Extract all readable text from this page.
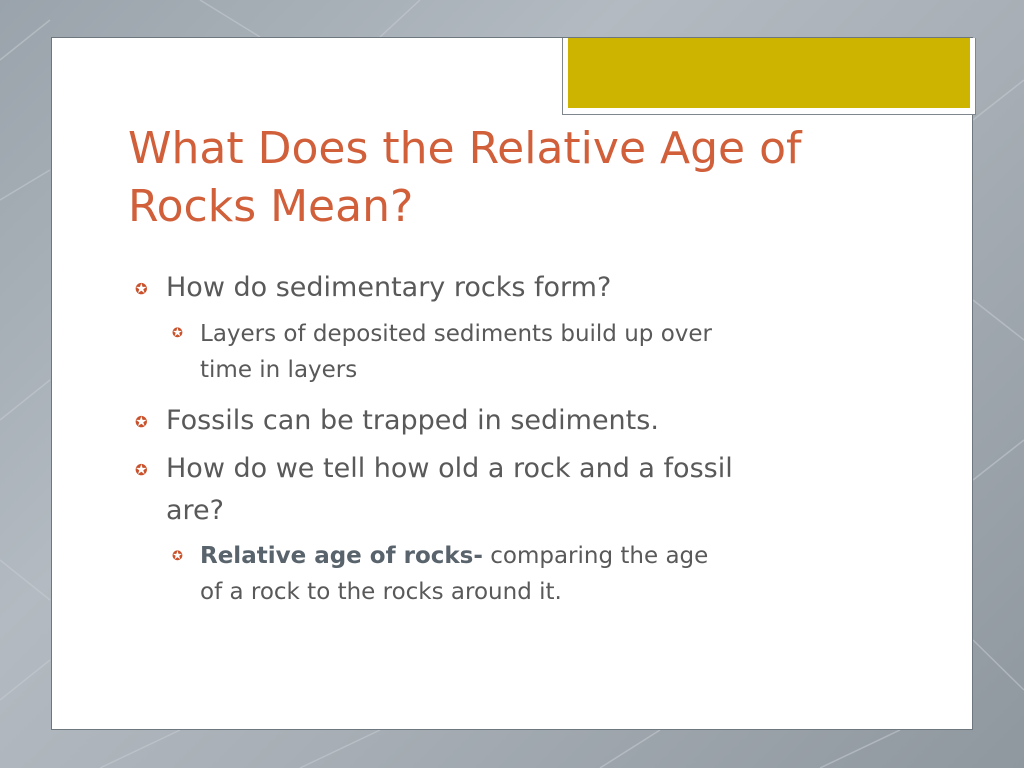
What Does the Relative Age of
Rocks Mean?
✪ How do sedimentary rocks form?
✪ Layers of deposited sediments build up over
time in layers
✪ Fossils can be trapped in sediments.
✪ How do we tell how old a rock and a fossil
are?
✪ Relative age of rocks- comparing the age
of a rock to the rocks around it.
